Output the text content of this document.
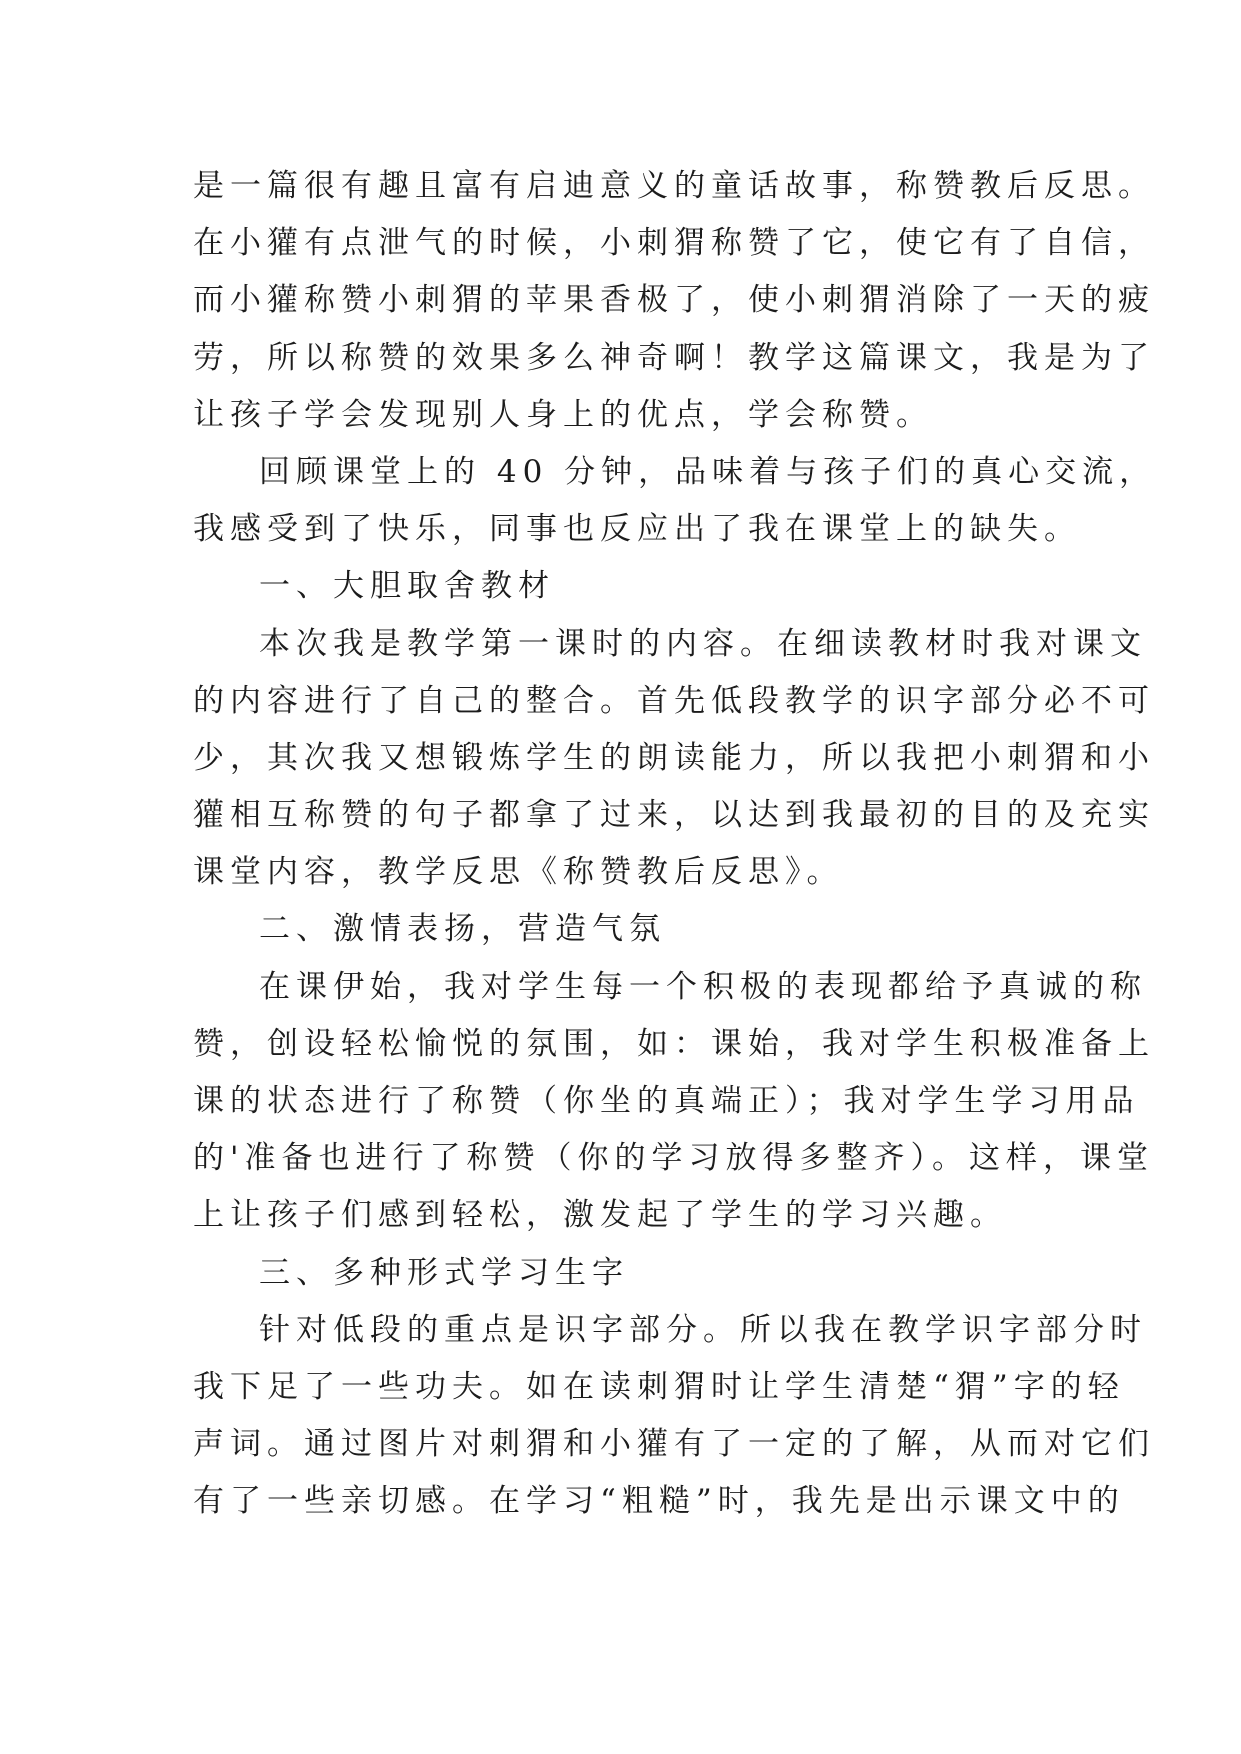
是一篇很有趣且富有启迪意义的童话故事，称赞教后反思。
在小獾有点泄气的时候，小刺猬称赞了它，使它有了自信，
而小獾称赞小刺猬的苹果香极了，使小刺猬消除了一天的疲
劳，所以称赞的效果多么神奇啊！教学这篇课文，我是为了
让孩子学会发现别人身上的优点，学会称赞。
回顾课堂上的 40 分钟，品味着与孩子们的真心交流，
我感受到了快乐，同事也反应出了我在课堂上的缺失。
一、大胆取舍教材
本次我是教学第一课时的内容。在细读教材时我对课文
的内容进行了自己的整合。首先低段教学的识字部分必不可
少，其次我又想锻炼学生的朗读能力，所以我把小刺猬和小
獾相互称赞的句子都拿了过来，以达到我最初的目的及充实
课堂内容，教学反思《称赞教后反思》。
二、激情表扬，营造气氛
在课伊始，我对学生每一个积极的表现都给予真诚的称
赞，创设轻松愉悦的氛围，如：课始，我对学生积极准备上
课的状态进行了称赞（你坐的真端正）；我对学生学习用品
的'准备也进行了称赞（你的学习放得多整齐）。这样，课堂
上让孩子们感到轻松，激发起了学生的学习兴趣。
三、多种形式学习生字
针对低段的重点是识字部分。所以我在教学识字部分时
我下足了一些功夫。如在读刺猬时让学生清楚“猬”字的轻
声词。通过图片对刺猬和小獾有了一定的了解，从而对它们
有了一些亲切感。在学习“粗糙”时，我先是出示课文中的
